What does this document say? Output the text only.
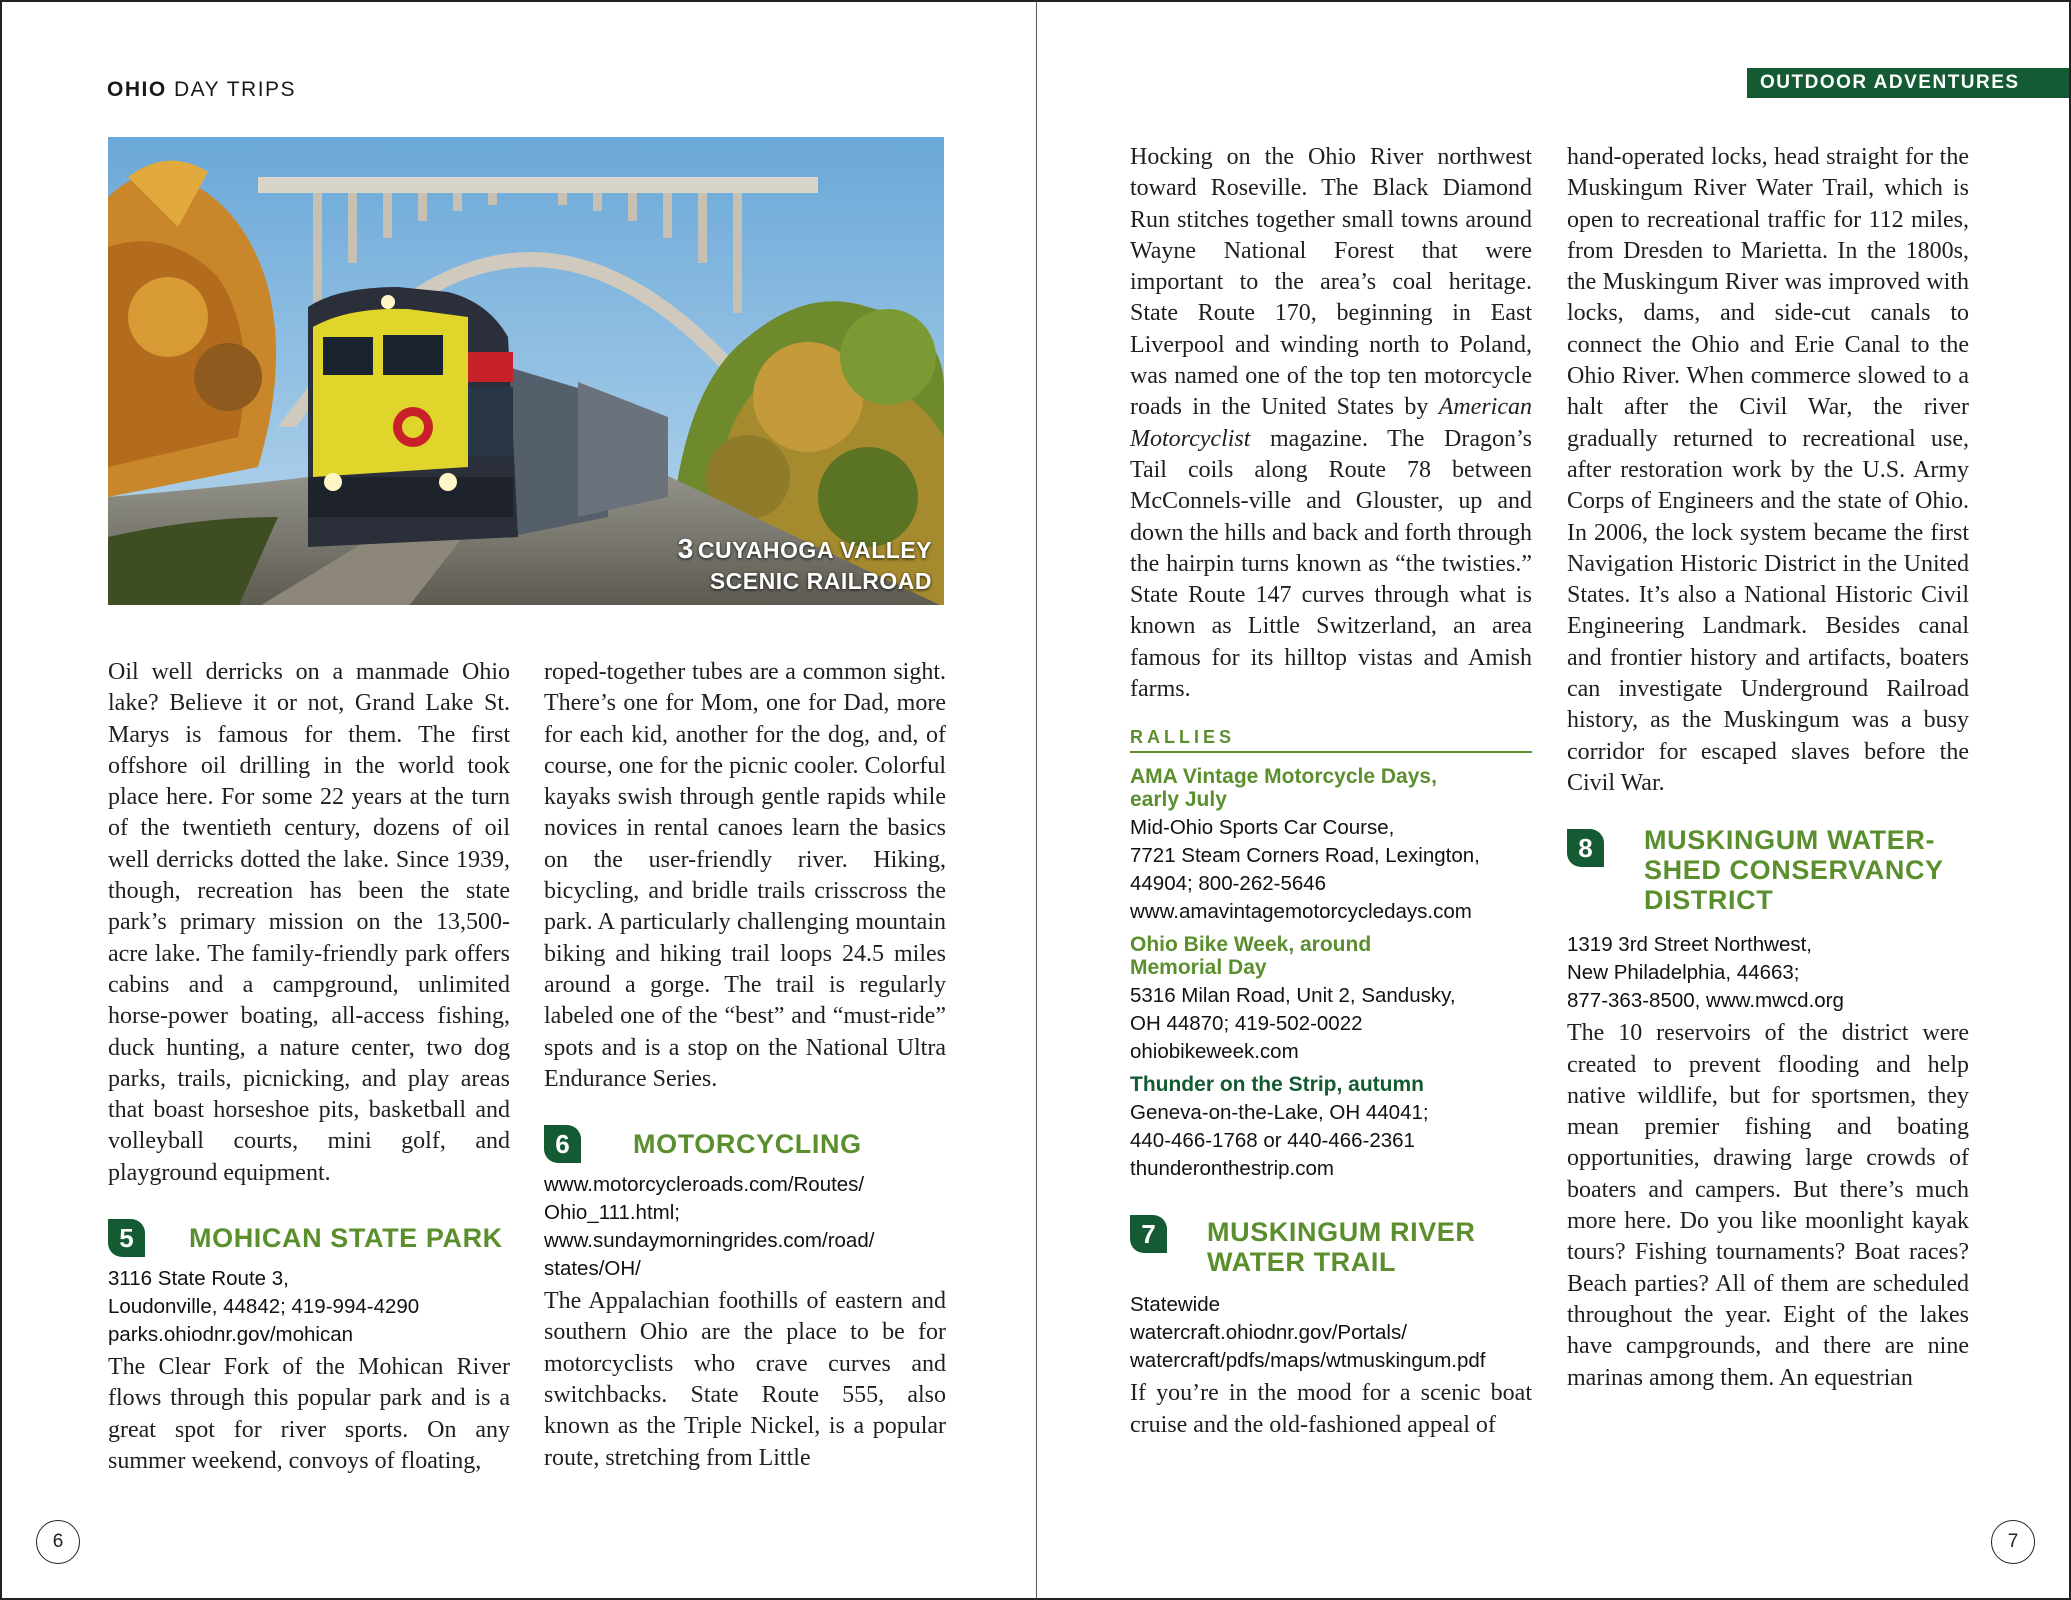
OHIO DAY TRIPS
3 CUYAHOGA VALLEY
SCENIC RAILROAD

Oil well derricks on a manmade Ohio lake? Believe it or not, Grand Lake St. Marys is famous for them. The first offshore oil drilling in the world took place here. For some 22 years at the turn of the twentieth century, dozens of oil well derricks dotted the lake. Since 1939, though, recreation has been the state park’s primary mission on the 13,500- acre lake. The family-friendly park offers cabins and a campground, unlimited horse-power boating, all-access fishing, duck hunting, a nature center, two dog parks, trails, picnicking, and play areas that boast horseshoe pits, basketball and volleyball courts, mini golf, and playground equipment.

5	MOHICAN STATE PARK
3116 State Route 3,
Loudonville, 44842; 419-994-4290
parks.ohiodnr.gov/mohican

The Clear Fork of the Mohican River flows through this popular park and is a great spot for river sports. On any summer weekend, convoys of floating,

roped-together tubes are a common sight. There’s one for Mom, one for Dad, more for each kid, another for the dog, and, of course, one for the picnic cooler. Colorful kayaks swish through gentle rapids while novices in rental canoes learn the basics on the user-friendly river. Hiking, bicycling, and bridle trails crisscross the park. A particularly challenging mountain biking and hiking trail loops 24.5 miles around a gorge. The trail is regularly labeled one of the “best” and “must-ride” spots and is a stop on the National Ultra Endurance Series.

6	MOTORCYCLING
www.motorcycleroads.com/Routes/
Ohio_111.html;
www.sundaymorningrides.com/road/
states/OH/

The Appalachian foothills of eastern and southern Ohio are the place to be for motorcyclists who crave curves and switchbacks. State Route 555, also known as the Triple Nickel, is a popular route, stretching from Little

6
OUTDOOR ADVENTURES

Hocking on the Ohio River northwest toward Roseville. The Black Diamond Run stitches together small towns around Wayne National Forest that were important to the area’s coal heritage. State Route 170, beginning in East Liverpool and winding north to Poland, was named one of the top ten motorcycle roads in the United States by American Motorcyclist magazine. The Dragon’s Tail coils along Route 78 between McConnels-ville and Glouster, up and down the hills and back and forth through the hairpin turns known as “the twisties.” State Route 147 curves through what is known as Little Switzerland, an area famous for its hilltop vistas and Amish farms.

RALLIES
AMA Vintage Motorcycle Days,
early July
Mid-Ohio Sports Car Course,
7721 Steam Corners Road, Lexington,
44904; 800-262-5646
www.amavintagemotorcycledays.com
Ohio Bike Week, around
Memorial Day
5316 Milan Road, Unit 2, Sandusky,
OH 44870; 419-502-0022
ohiobikeweek.com
Thunder on the Strip, autumn
Geneva-on-the-Lake, OH 44041;
440-466-1768 or 440-466-2361
thunderonthestrip.com
7	MUSKINGUM RIVER
WATER TRAIL
Statewide
watercraft.ohiodnr.gov/Portals/
watercraft/pdfs/maps/wtmuskingum.pdf

If you’re in the mood for a scenic boat cruise and the old-fashioned appeal of

hand-operated locks, head straight for the Muskingum River Water Trail, which is open to recreational traffic for 112 miles, from Dresden to Marietta. In the 1800s, the Muskingum River was improved with locks, dams, and side-cut canals to connect the Ohio and Erie Canal to the Ohio River. When commerce slowed to a halt after the Civil War, the river gradually returned to recreational use, after restoration work by the U.S. Army Corps of Engineers and the state of Ohio. In 2006, the lock system became the first Navigation Historic District in the United States. It’s also a National Historic Civil Engineering Landmark. Besides canal and frontier history and artifacts, boaters can investigate Underground Railroad history, as the Muskingum was a busy corridor for escaped slaves before the Civil War.

8	MUSKINGUM WATER-
SHED CONSERVANCY
DISTRICT
1319 3rd Street Northwest,
New Philadelphia, 44663;
877-363-8500, www.mwcd.org

The 10 reservoirs of the district were created to prevent flooding and help native wildlife, but for sportsmen, they mean premier fishing and boating opportunities, drawing large crowds of boaters and campers. But there’s much more here. Do you like moonlight kayak tours? Fishing tournaments? Boat races? Beach parties? All of them are scheduled throughout the year. Eight of the lakes have campgrounds, and there are nine marinas among them. An equestrian

7
